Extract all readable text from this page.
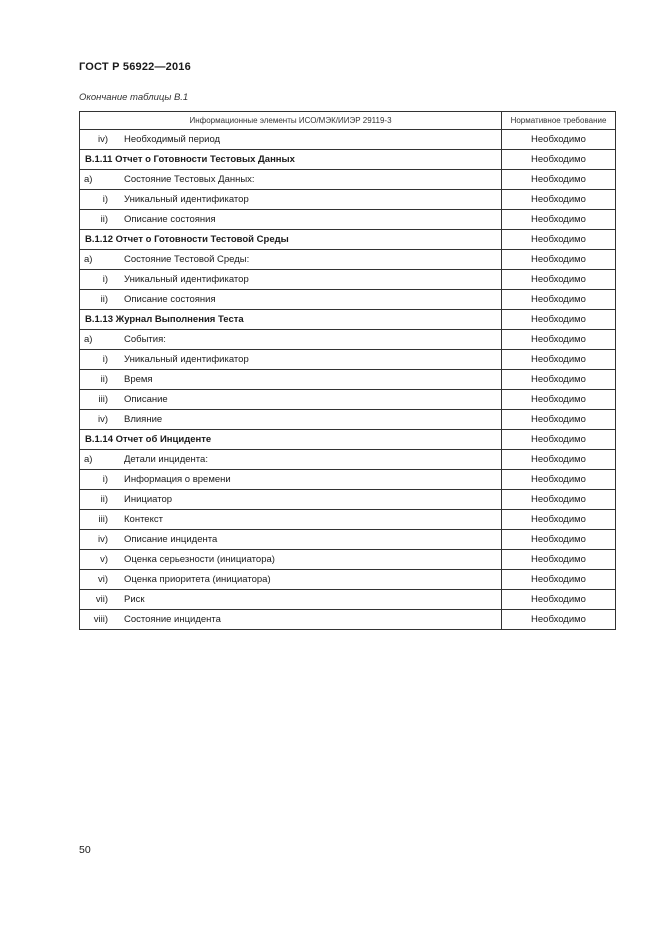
ГОСТ Р 56922—2016
Окончание таблицы В.1
Информационные элементы ИСО/МЭК/ИИЭР 29119-3	Нормативное требование
iv) Необходимый период	Необходимо
В.1.11 Отчет о Готовности Тестовых Данных	Необходимо
а) Состояние Тестовых Данных:	Необходимо
i) Уникальный идентификатор	Необходимо
ii) Описание состояния	Необходимо
В.1.12 Отчет о Готовности Тестовой Среды	Необходимо
а) Состояние Тестовой Среды:	Необходимо
i) Уникальный идентификатор	Необходимо
ii) Описание состояния	Необходимо
В.1.13 Журнал Выполнения Теста	Необходимо
а) События:	Необходимо
i) Уникальный идентификатор	Необходимо
ii) Время	Необходимо
iii) Описание	Необходимо
iv) Влияние	Необходимо
В.1.14 Отчет об Инциденте	Необходимо
а) Детали инцидента:	Необходимо
i) Информация о времени	Необходимо
ii) Инициатор	Необходимо
iii) Контекст	Необходимо
iv) Описание инцидента	Необходимо
v) Оценка серьезности (инициатора)	Необходимо
vi) Оценка приоритета (инициатора)	Необходимо
vii) Риск	Необходимо
viii) Состояние инцидента	Необходимо
50
